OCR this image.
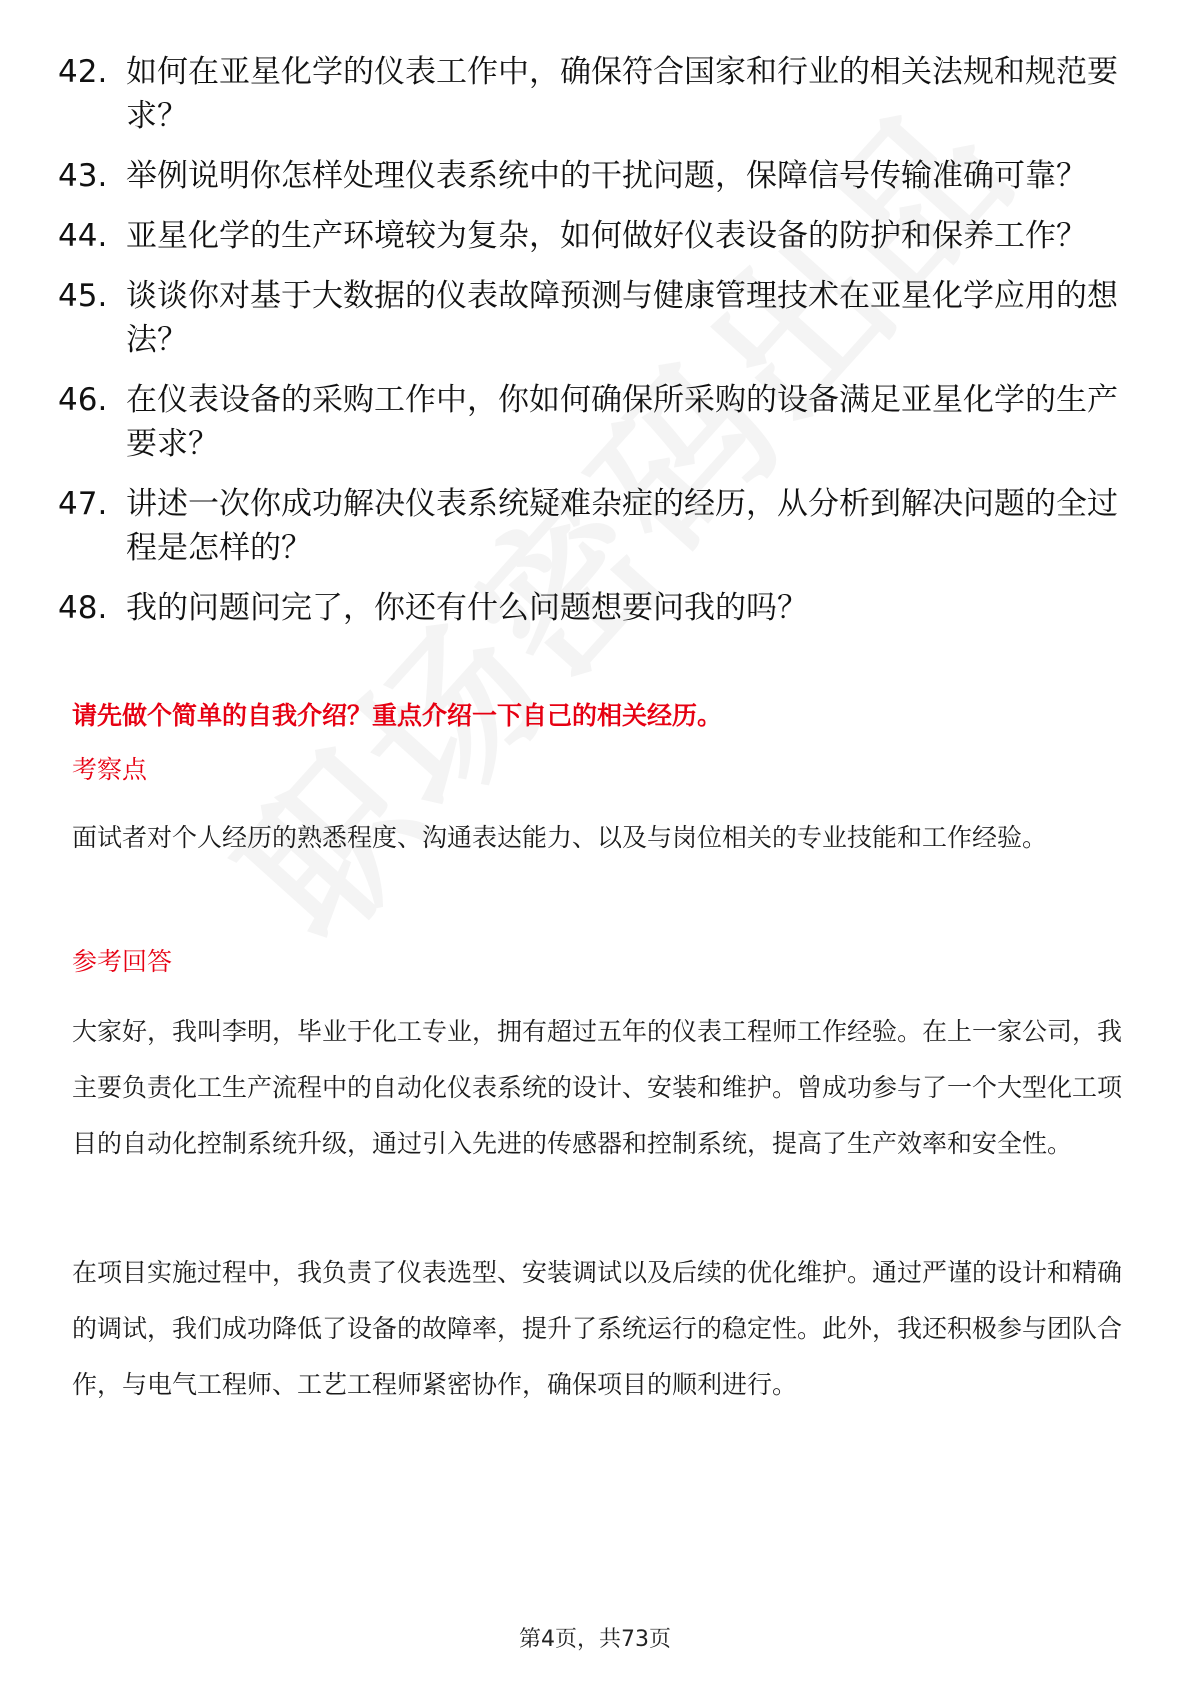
42. 如何在亚星化学的仪表工作中，确保符合国家和行业的相关法规和规范要求？
43. 举例说明你怎样处理仪表系统中的干扰问题，保障信号传输准确可靠？
44. 亚星化学的生产环境较为复杂，如何做好仪表设备的防护和保养工作？
45. 谈谈你对基于大数据的仪表故障预测与健康管理技术在亚星化学应用的想法？
46. 在仪表设备的采购工作中，你如何确保所采购的设备满足亚星化学的生产要求？
47. 讲述一次你成功解决仪表系统疑难杂症的经历，从分析到解决问题的全过程是怎样的？
48. 我的问题问完了，你还有什么问题想要问我的吗？
请先做个简单的自我介绍？重点介绍一下自己的相关经历。
考察点
面试者对个人经历的熟悉程度、沟通表达能力、以及与岗位相关的专业技能和工作经验。
参考回答
大家好，我叫李明，毕业于化工专业，拥有超过五年的仪表工程师工作经验。在上一家公司，我主要负责化工生产流程中的自动化仪表系统的设计、安装和维护。曾成功参与了一个大型化工项目的自动化控制系统升级，通过引入先进的传感器和控制系统，提高了生产效率和安全性。
在项目实施过程中，我负责了仪表选型、安装调试以及后续的优化维护。通过严谨的设计和精确的调试，我们成功降低了设备的故障率，提升了系统运行的稳定性。此外，我还积极参与团队合作，与电气工程师、工艺工程师紧密协作，确保项目的顺利进行。
第4页，共73页
